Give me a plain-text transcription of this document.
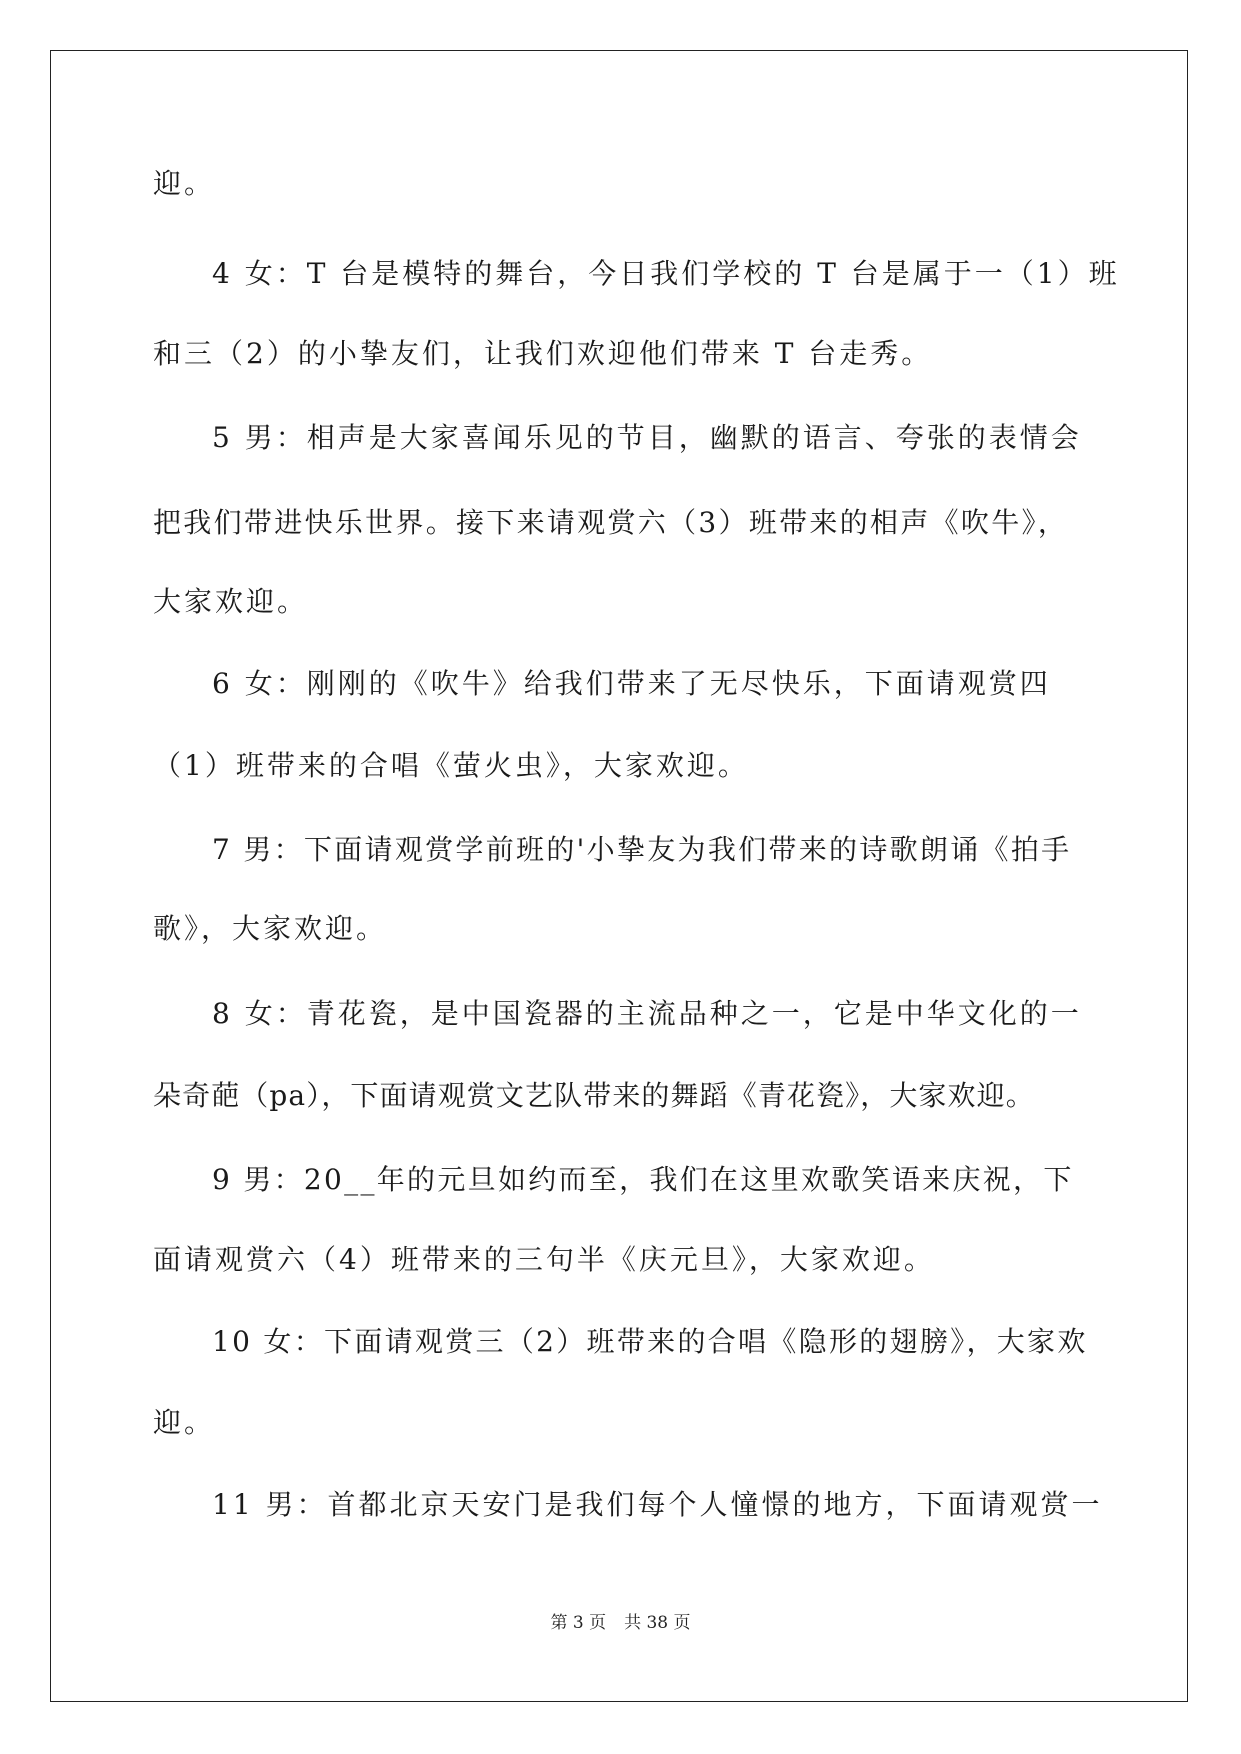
迎。
4 女：T 台是模特的舞台，今日我们学校的 T 台是属于一（1）班
和三（2）的小挚友们，让我们欢迎他们带来 T 台走秀。
5 男：相声是大家喜闻乐见的节目，幽默的语言、夸张的表情会
把我们带进快乐世界。接下来请观赏六（3）班带来的相声《吹牛》，
大家欢迎。
6 女：刚刚的《吹牛》给我们带来了无尽快乐，下面请观赏四
（1）班带来的合唱《萤火虫》，大家欢迎。
7 男：下面请观赏学前班的'小挚友为我们带来的诗歌朗诵《拍手
歌》，大家欢迎。
8 女：青花瓷，是中国瓷器的主流品种之一，它是中华文化的一
朵奇葩（pa），下面请观赏文艺队带来的舞蹈《青花瓷》，大家欢迎。
9 男：20__年的元旦如约而至，我们在这里欢歌笑语来庆祝，下
面请观赏六（4）班带来的三句半《庆元旦》，大家欢迎。
10 女：下面请观赏三（2）班带来的合唱《隐形的翅膀》，大家欢
迎。
11 男：首都北京天安门是我们每个人憧憬的地方，下面请观赏一
第 3 页 共 38 页
